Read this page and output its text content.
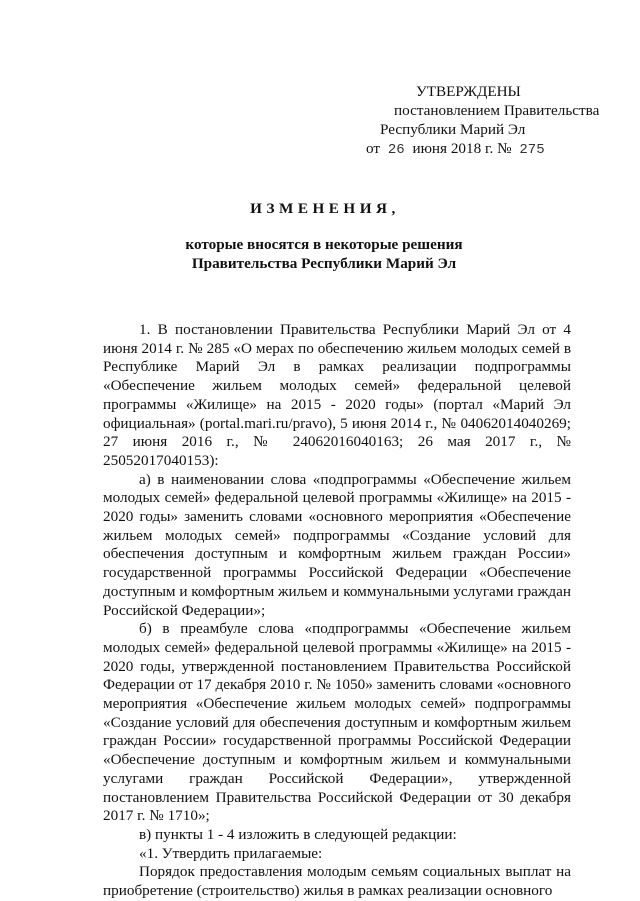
УТВЕРЖДЕНЫ
постановлением Правительства
Республики Марий Эл
от 26 июня 2018 г. № 275
ИЗМЕНЕНИЯ,
которые вносятся в некоторые решения
Правительства Республики Марий Эл

1. В постановлении Правительства Республики Марий Эл от 4 июня 2014 г. № 285 «О мерах по обеспечению жильем молодых семей в Республике Марий Эл в рамках реализации подпрограммы «Обеспечение жильем молодых семей» федеральной целевой программы «Жилище» на 2015 - 2020 годы» (портал «Марий Эл официальная» (portal.mari.ru/pravo), 5 июня 2014 г., № 04062014040269; 27 июня 2016 г., № 24062016040163; 26 мая 2017 г., № 25052017040153):

а) в наименовании слова «подпрограммы «Обеспечение жильем молодых семей» федеральной целевой программы «Жилище» на 2015 - 2020 годы» заменить словами «основного мероприятия «Обеспечение жильем молодых семей» подпрограммы «Создание условий для обеспечения доступным и комфортным жильем граждан России» государственной программы Российской Федерации «Обеспечение доступным и комфортным жильем и коммунальными услугами граждан Российской Федерации»;

б) в преамбуле слова «подпрограммы «Обеспечение жильем молодых семей» федеральной целевой программы «Жилище» на 2015 - 2020 годы, утвержденной постановлением Правительства Российской Федерации от 17 декабря 2010 г. № 1050» заменить словами «основного мероприятия «Обеспечение жильем молодых семей» подпрограммы «Создание условий для обеспечения доступным и комфортным жильем граждан России» государственной программы Российской Федерации «Обеспечение доступным и комфортным жильем и коммунальными услугами граждан Российской Федерации», утвержденной постановлением Правительства Российской Федерации от 30 декабря 2017 г. № 1710»;

в) пункты 1 - 4 изложить в следующей редакции:

«1. Утвердить прилагаемые:

Порядок предоставления молодым семьям социальных выплат на приобретение (строительство) жилья в рамках реализации основного
